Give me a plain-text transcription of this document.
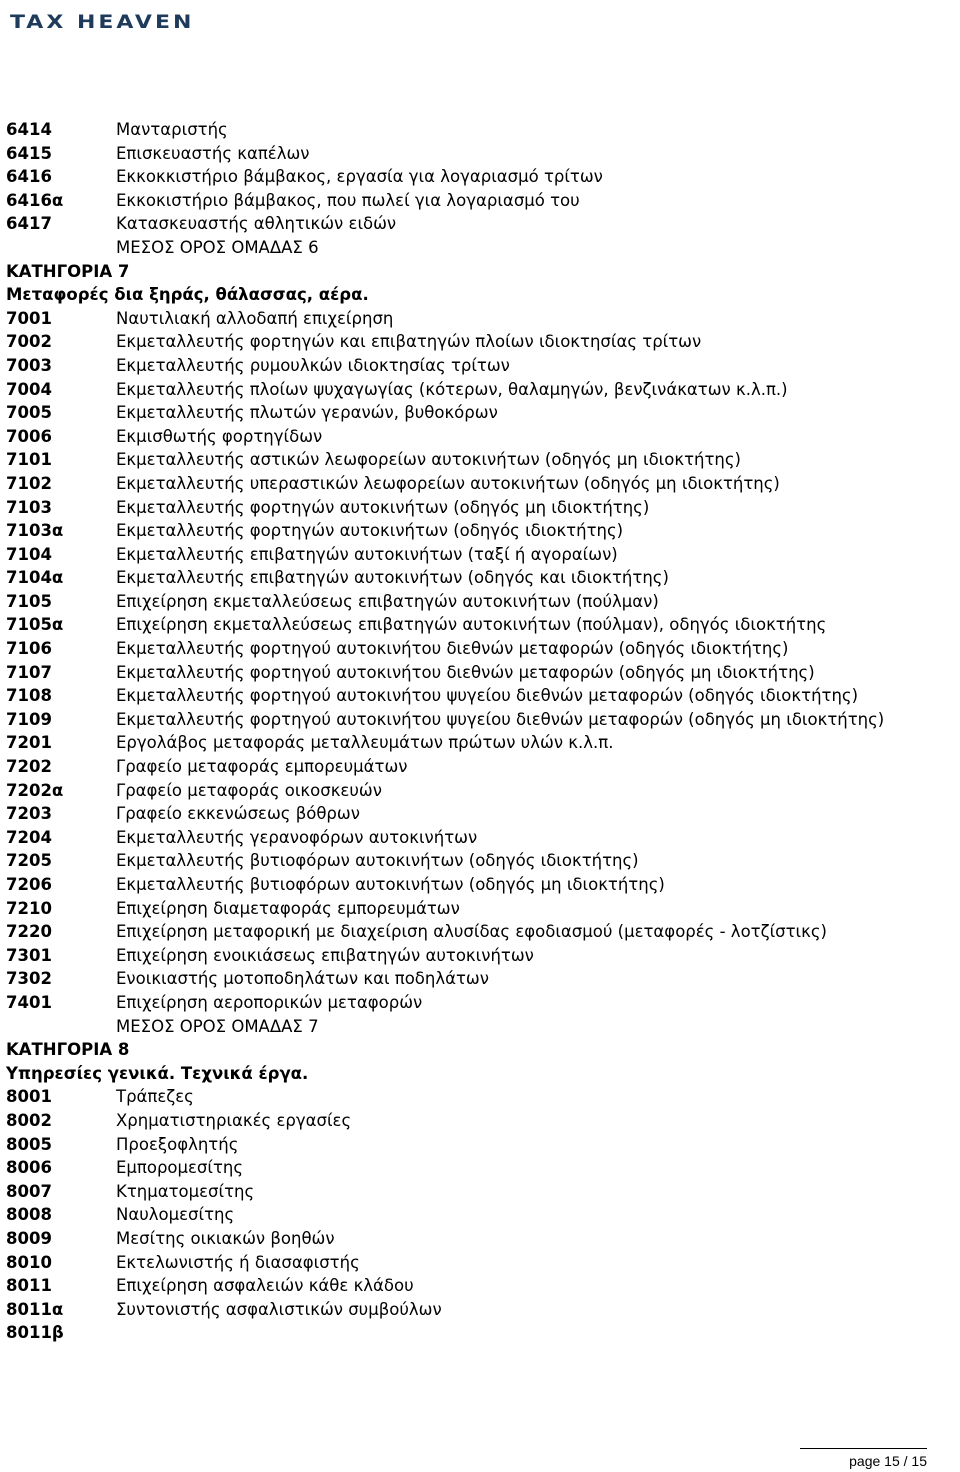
TAX HEAVEN
6414	Μανταριστής
6415	Επισκευαστής καπέλων
6416	Εκκοκκιστήριο βάμβακος, εργασία για λογαριασμό τρίτων
6416α	Εκκοκιστήριο βάμβακος, που πωλεί για λογαριασμό του
6417	Κατασκευαστής αθλητικών ειδών
ΜΕΣΟΣ ΟΡΟΣ ΟΜΑΔΑΣ 6
ΚΑΤΗΓΟΡΙΑ 7
Μεταφορές δια ξηράς, θάλασσας, αέρα.
7001	Ναυτιλιακή αλλοδαπή επιχείρηση
7002	Εκμεταλλευτής φορτηγών και επιβατηγών πλοίων ιδιοκτησίας τρίτων
7003	Εκμεταλλευτής ρυμουλκών ιδιοκτησίας τρίτων
7004	Εκμεταλλευτής πλοίων ψυχαγωγίας (κότερων, θαλαμηγών, βενζινάκατων κ.λ.π.)
7005	Εκμεταλλευτής πλωτών γερανών, βυθοκόρων
7006	Εκμισθωτής φορτηγίδων
7101	Εκμεταλλευτής αστικών λεωφορείων αυτοκινήτων (οδηγός μη ιδιοκτήτης)
7102	Εκμεταλλευτής υπεραστικών λεωφορείων αυτοκινήτων (οδηγός μη ιδιοκτήτης)
7103	Εκμεταλλευτής φορτηγών αυτοκινήτων (οδηγός μη ιδιοκτήτης)
7103α	Εκμεταλλευτής φορτηγών αυτοκινήτων (οδηγός ιδιοκτήτης)
7104	Εκμεταλλευτής επιβατηγών αυτοκινήτων (ταξί ή αγοραίων)
7104α	Εκμεταλλευτής επιβατηγών αυτοκινήτων (οδηγός και ιδιοκτήτης)
7105	Επιχείρηση εκμεταλλεύσεως επιβατηγών αυτοκινήτων (πούλμαν)
7105α	Επιχείρηση εκμεταλλεύσεως επιβατηγών αυτοκινήτων (πούλμαν), οδηγός ιδιοκτήτης
7106	Εκμεταλλευτής φορτηγού αυτοκινήτου διεθνών μεταφορών (οδηγός ιδιοκτήτης)
7107	Εκμεταλλευτής φορτηγού αυτοκινήτου διεθνών μεταφορών (οδηγός μη ιδιοκτήτης)
7108	Εκμεταλλευτής φορτηγού αυτοκινήτου ψυγείου διεθνών μεταφορών (οδηγός ιδιοκτήτης)
7109	Εκμεταλλευτής φορτηγού αυτοκινήτου ψυγείου διεθνών μεταφορών (οδηγός μη ιδιοκτήτης)
7201	Εργολάβος μεταφοράς μεταλλευμάτων πρώτων υλών κ.λ.π.
7202	Γραφείο μεταφοράς εμπορευμάτων
7202α	Γραφείο μεταφοράς οικοσκευών
7203	Γραφείο εκκενώσεως βόθρων
7204	Εκμεταλλευτής γερανοφόρων αυτοκινήτων
7205	Εκμεταλλευτής βυτιοφόρων αυτοκινήτων (οδηγός ιδιοκτήτης)
7206	Εκμεταλλευτής βυτιοφόρων αυτοκινήτων (οδηγός μη ιδιοκτήτης)
7210	Επιχείρηση διαμεταφοράς εμπορευμάτων
7220	Επιχείρηση μεταφορική με διαχείριση αλυσίδας εφοδιασμού (μεταφορές - λοτζίστικς)
7301	Επιχείρηση ενοικιάσεως επιβατηγών αυτοκινήτων
7302	Ενοικιαστής μοτοποδηλάτων και ποδηλάτων
7401	Επιχείρηση αεροπορικών μεταφορών
ΜΕΣΟΣ ΟΡΟΣ ΟΜΑΔΑΣ 7
ΚΑΤΗΓΟΡΙΑ 8
Υπηρεσίες γενικά. Τεχνικά έργα.
8001	Τράπεζες
8002	Χρηματιστηριακές εργασίες
8005	Προεξοφλητής
8006	Εμπορομεσίτης
8007	Κτηματομεσίτης
8008	Ναυλομεσίτης
8009	Μεσίτης οικιακών βοηθών
8010	Εκτελωνιστής ή διασαφιστής
8011	Επιχείρηση ασφαλειών κάθε κλάδου
8011α	Συντονιστής ασφαλιστικών συμβούλων
8011β
page 15 / 15
